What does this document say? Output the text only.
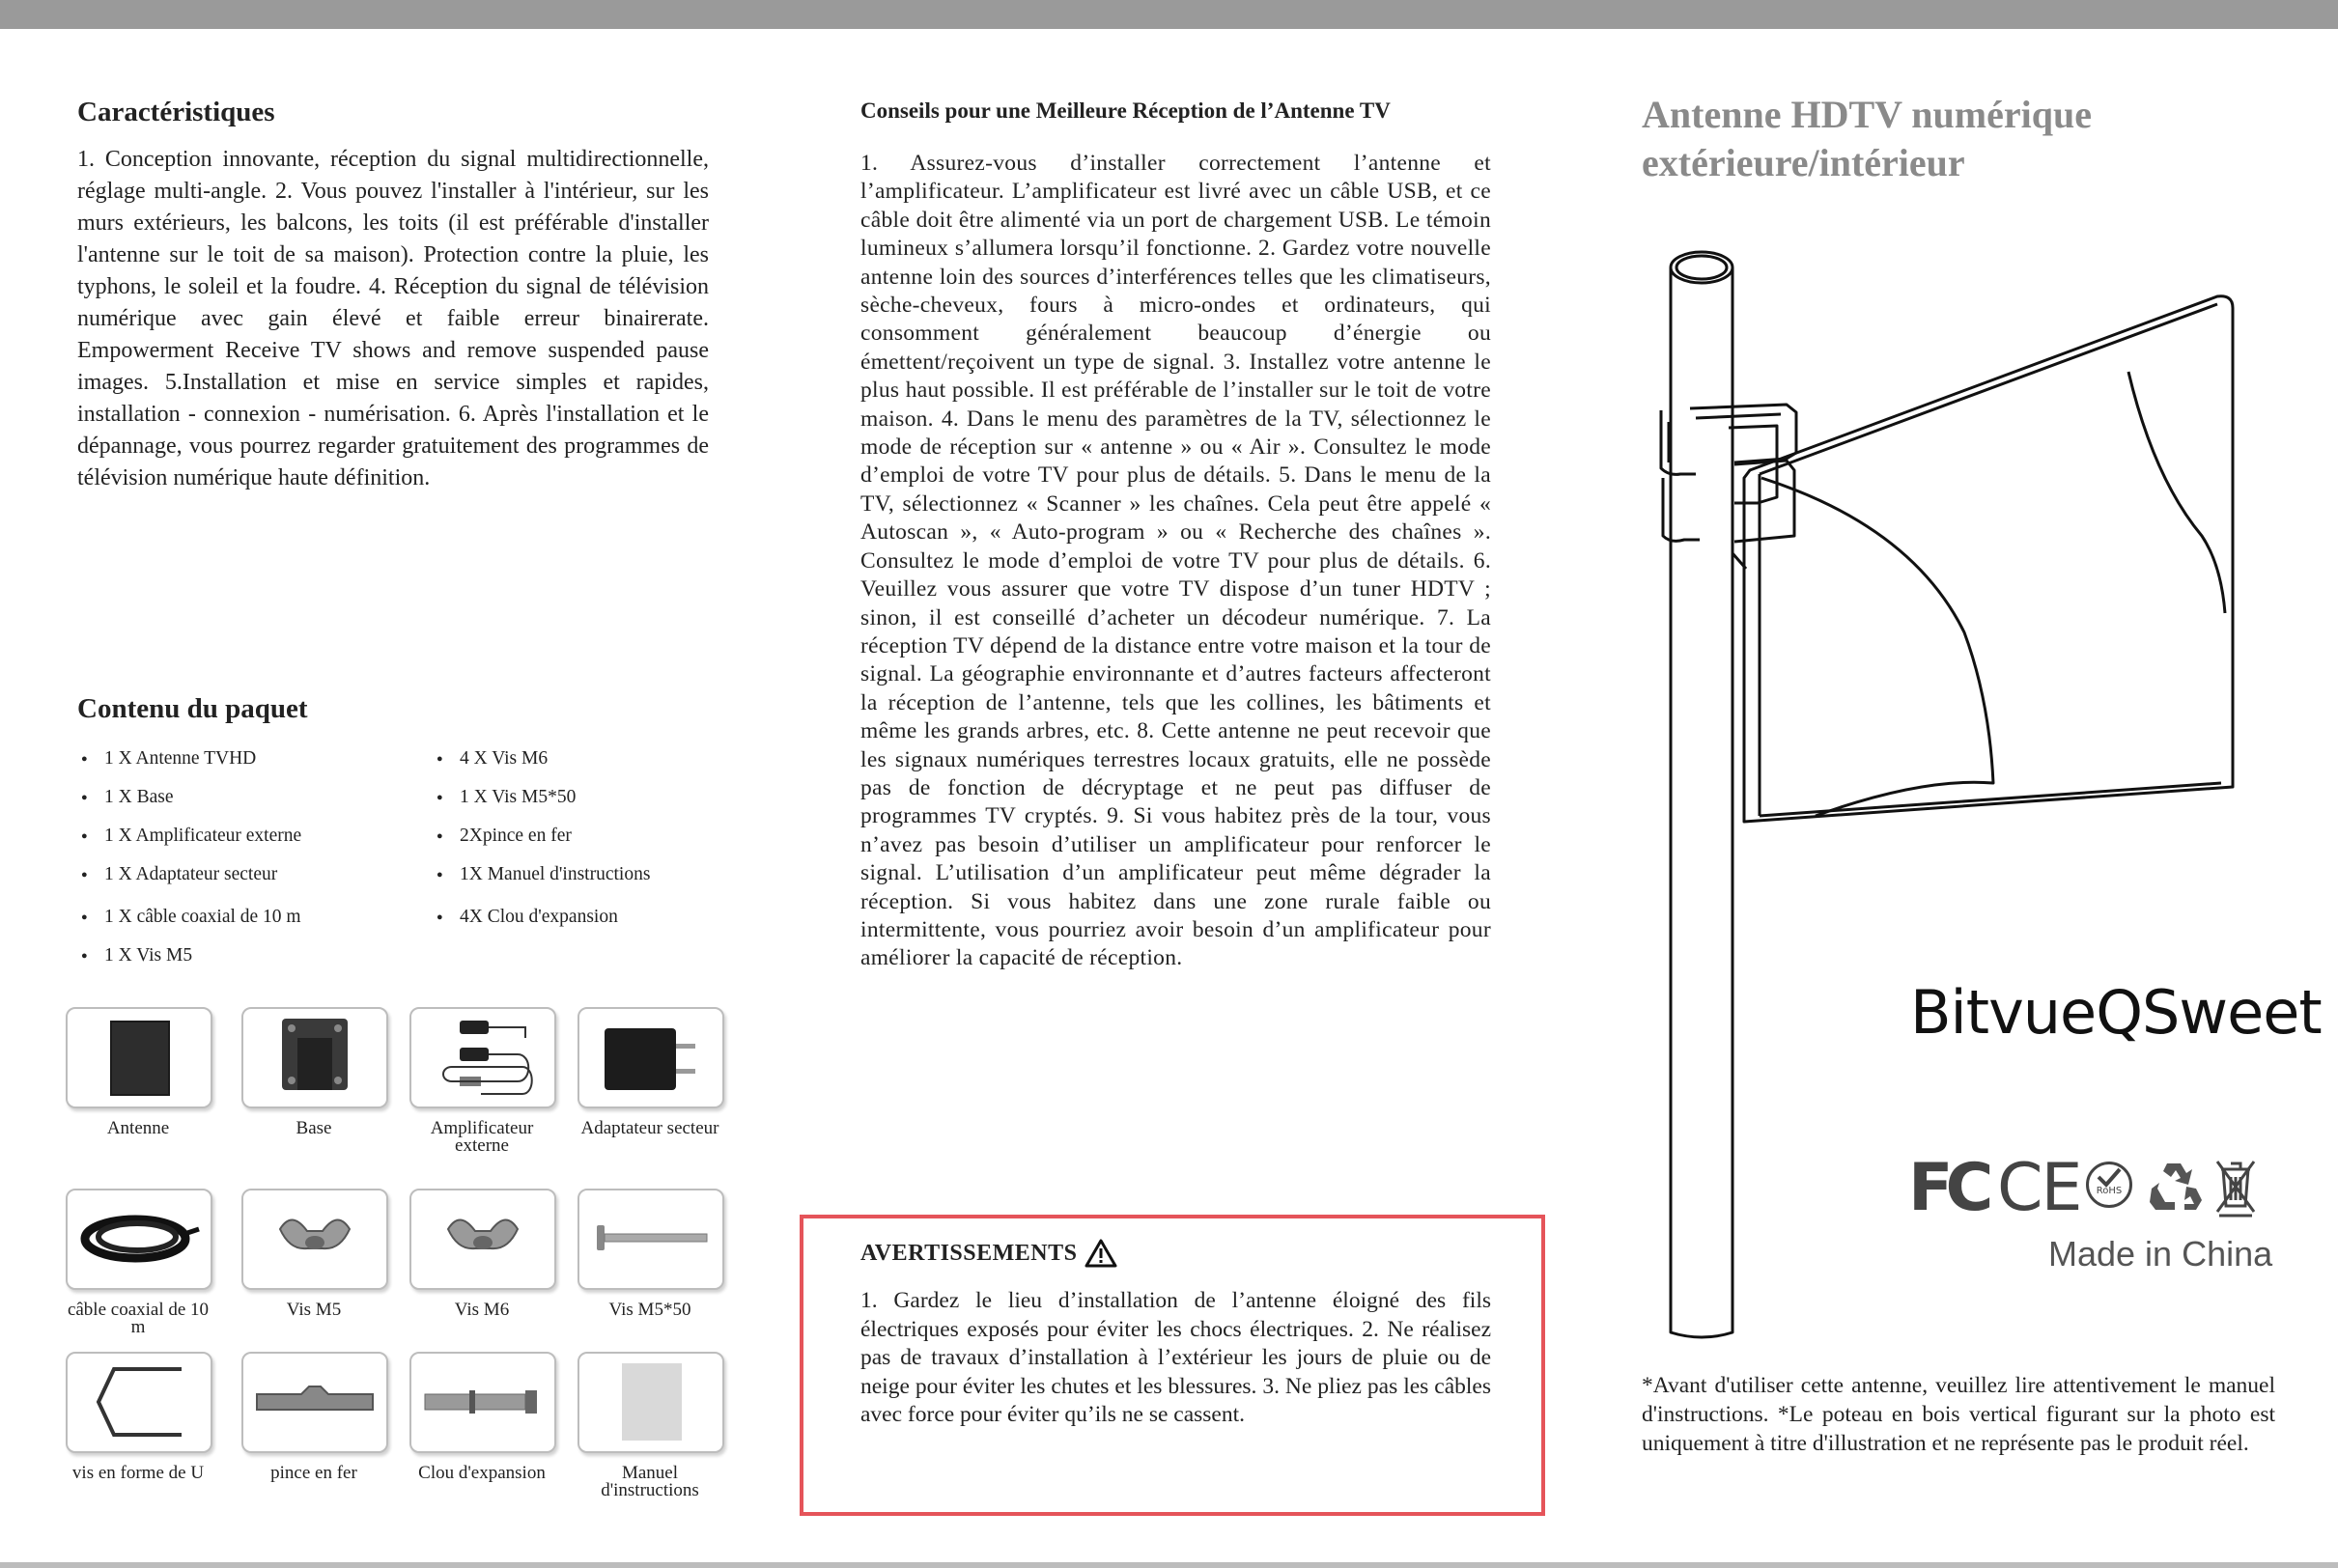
Caractéristiques

1. Conception innovante, réception du signal multidirectionnelle, réglage multi-angle. 2. Vous pouvez l'installer à l'intérieur, sur les murs extérieurs, les balcons, les toits (il est préférable d'installer l'antenne sur le toit de sa maison). Protection contre la pluie, les typhons, le soleil et la foudre. 4. Réception du signal de télévision numérique avec gain élevé et faible erreur binairerate. Empowerment Receive TV shows and remove suspended pause images. 5.Installation et mise en service simples et rapides, installation - connexion - numérisation. 6. Après l'installation et le dépannage, vous pourrez regarder gratuitement des programmes de télévision numérique haute définition.

Contenu du paquet
● 1 X Antenne TVHD
● 1 X Base
● 1 X Amplificateur externe
● 1 X Adaptateur secteur
● 1 X câble coaxial de 10 m
● 1 X Vis M5
● 4 X Vis M6
● 1 X Vis M5*50
● 2Xpince en fer
● 1X Manuel d'instructions
● 4X Clou d'expansion
Antenne	Base	Amplificateur externe
Adaptateur secteur
câble coaxial de 10 m
Vis M5	Vis M6	Vis M5*50
vis en forme de U	pince en fer	Clou d'expansion	Manuel d'instructions
Conseils pour une Meilleure Réception de l’Antenne TV

1. Assurez-vous d’installer correctement l’antenne et l’amplificateur. L’amplificateur est livré avec un câble USB, et ce câble doit être alimenté via un port de chargement USB. Le témoin lumineux s’allumera lorsqu’il fonctionne. 2. Gardez votre nouvelle antenne loin des sources d’interférences telles que les climatiseurs, sèche-cheveux, fours à micro-ondes et ordinateurs, qui consomment généralement beaucoup d’énergie ou émettent/reçoivent un type de signal. 3. Installez votre antenne le plus haut possible. Il est préférable de l’installer sur le toit de votre maison. 4. Dans le menu des paramètres de la TV, sélectionnez le mode de réception sur « antenne » ou « Air ». Consultez le mode d’emploi de votre TV pour plus de détails. 5. Dans le menu de la TV, sélectionnez « Scanner » les chaînes. Cela peut être appelé « Autoscan », « Auto-program » ou « Recherche des chaînes ». Consultez le mode d’emploi de votre TV pour plus de détails. 6. Veuillez vous assurer que votre TV dispose d’un tuner HDTV ; sinon, il est conseillé d’acheter un décodeur numérique. 7. La réception TV dépend de la distance entre votre maison et la tour de signal. La géographie environnante et d’autres facteurs affecteront la réception de l’antenne, tels que les collines, les bâtiments et même les grands arbres, etc. 8. Cette antenne ne peut recevoir que les signaux numériques terrestres locaux gratuits, elle ne possède pas de fonction de décryptage et ne peut pas diffuser de programmes TV cryptés. 9. Si vous habitez près de la tour, vous n’avez pas besoin d’utiliser un amplificateur pour renforcer le signal. L’utilisation d’un amplificateur peut même dégrader la réception. Si vous habitez dans une zone rurale faible ou intermittente, vous pourriez avoir besoin d’un amplificateur pour améliorer la capacité de réception.

AVERTISSEMENTS

1. Gardez le lieu d’installation de l’antenne éloigné des fils électriques exposés pour éviter les chocs électriques. 2. Ne réalisez pas de travaux d’installation à l’extérieur les jours de pluie ou de neige pour éviter les chutes et les blessures. 3. Ne pliez pas les câbles avec force pour éviter qu’ils ne se cassent.

Antenne HDTV numérique
extérieure/intérieur
BitvueQSweet
FC CE	RoHS
Made in China
*Avant d'utiliser cette antenne, veuillez lire attentivement le manuel d'instructions. *Le poteau en bois vertical figurant sur la photo est uniquement à titre d'illustration et ne représente pas le produit réel.
